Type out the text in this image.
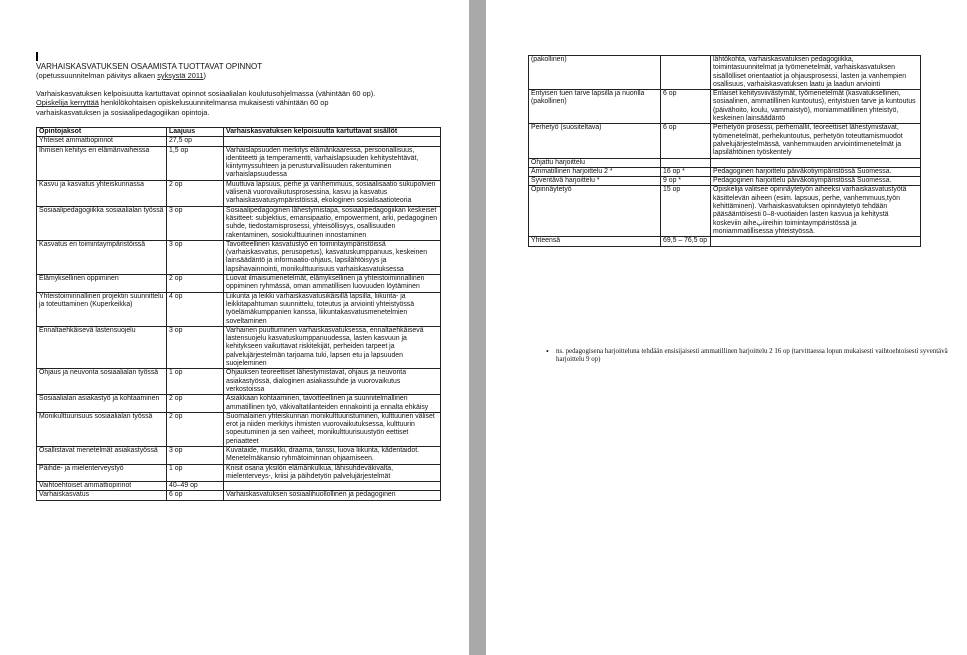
VARHAISKASVATUKSEN OSAAMISTA TUOTTAVAT OPINNOT
(opetussuunnitelman päivitys alkaen syksystä 2011)
Varhaiskasvatuksen kelpoisuutta kartuttavat opinnot sosiaalialan koulutusohjelmassa (vähintään 60 op).
Opiskelija kerryttää henkilökohtaisen opiskelusuunnitelmansa mukaisesti vähintään 60 op
varhaiskasvatuksen ja sosiaalipedagogiikan opintoja.
Opintojaksot	Laajuus	Varhaiskasvatuksen kelpoisuutta kartuttavat sisällöt
Yhteiset ammattiopinnot	27,5 op	
Ihmisen kehitys eri elämänvaiheissa	1,5 op	Varhaislapsuuden merkitys elämänkaaressa, persoonallisuus, identiteetti ja temperamentti, varhaislapsuuden kehitystehtävät, kiintymyssuhteen ja perusturvallisuuden rakentuminen varhaislapsuudessa
Kasvu ja kasvatus yhteiskunnassa	2 op	Muuttuva lapsuus, perhe ja vanhemmuus, sosiaalisaatio sukupolvien välisenä vuorovaikutusprosessina, kasvu ja kasvatus varhaiskasvatusympäristöissä, ekologinen sosialisaatioteoria
Sosiaalipedagogiikka sosiaalialan työssä	3 op	Sosiaalipedagoginen lähestymistapa, sosiaalipedagogiikan keskeiset käsitteet: subjektius, emansipaatio, empowerment, arki, pedagoginen suhde, tiedostamisprosessi, yhteisöllisyys, osallisuuden rakentaminen, sosiokulttuurinen innostaminen
Kasvatus eri toimintaympäristöissä	3 op	Tavoitteellinen kasvatustyö eri toimintaympäristöissä (varhaiskasvatus, perusopetus), kasvatuskumppanuus, keskeinen lainsäädäntö ja informaatio-ohjaus, lapsilähtöisyys ja lapsihavainnointi, monikulttuurisuus varhaiskasvatuksessa
Elämyksellinen oppiminen	2 op	Luovat ilmaisumenetelmät, elämyksellinen ja yhteistoiminnallinen oppiminen ryhmässä, oman ammatillisen luovuuden löytäminen
Yhteistoiminnallinen projektin suunnittelu ja toteuttaminen (Kuperkeikka)	4 op	Liikunta ja leikki varhaiskasvatusikäisillä lapsilla, liikunta- ja leikkitapahtuman suunnittelu, toteutus ja arviointi yhteistyössä työelämäkumppanien kanssa, liikuntakasvatusmenetelmien soveltaminen
Ennaltaehkäisevä lastensuojelu	3 op	Varhainen puuttuminen varhaiskasvatuksessa, ennaltaehkäisevä lastensuojelu kasvatuskumppanuudessa, lasten kasvuun ja kehitykseen vaikuttavat riskitekijät, perheiden tarpeet ja palvelujärjestelmän tarjoama tuki, lapsen etu ja lapsuuden suojeleminen
Ohjaus ja neuvonta sosiaalialan työssä	1 op	Ohjauksen teoreettiset lähestymistavat, ohjaus ja neuvonta asiakastyössä, dialoginen asiakassuhde ja vuorovaikutus verkostoissa
Sosiaalialan asiakastyö ja kohtaaminen	2 op	Asiakkaan kohtaaminen, tavoitteellinen ja suunnitelmallinen ammatillinen työ, väkivaltatilanteiden ennakointi ja ennalta ehkäisy
Monikulttuurisuus sosiaalialan työssä	2 op	Suomalainen yhteiskunnan monikulttuuristuminen, kulttuurien väliset erot ja niiden merkitys ihmisten vuorovaikutuksessa, kulttuurin sopeutuminen ja sen vaiheet, monikulttuurisuustyön eettiset periaatteet
Osallistavat menetelmät asiakastyössä	3 op	Kuvataide, musiikki, draama, tanssi, luova liikunta, kädentaidot. Menetelmäkansio ryhmätoiminnan ohjaamiseen.
Päihde- ja mielenterveystyö	1 op	Kriisit osana yksilön elämänkulkua, lähisuhdeväkivalta, mielenterveys-, kriisi ja päihdetyön palvelujärjestelmät
Vaihtoehtoiset ammattiopinnot	40–49 op	
Varhaiskasvatus	6 op	Varhaiskasvatuksen sosiaalihuollollinen ja pedagoginen
(pakollinen)		lähtökohta, varhaiskasvatuksen pedagogiikka, toimintasuunnitelmat ja työmenetelmät, varhaiskasvatuksen sisällölliset orientaatiot ja ohjausprosessi, lasten ja vanhempien osallisuus, varhaiskasvatuksen laatu ja laadun arviointi
Erityisen tuen tarve lapsilla ja nuorilla (pakollinen)	6 op	Erilaiset kehitysviivästymät, työmenetelmät (kasvatuksellinen, sosiaalinen, ammatillinen kuntoutus), erityistuen tarve ja kuntoutus (päivähoito, koulu, vammaistyö), moniammatillinen yhteistyö, keskeinen lainsäädäntö
Perhetyö (suositeltava)	6 op	Perhetyön prosessi, perhemallit, teoreettiset lähestymistavat, työmenetelmät, perhekuntoutus, perhetyön toteuttamismuodot palvelujärjestelmässä, vanhemmuuden arviointimenetelmät ja lapsilähtöinen työskentely
Ohjattu harjoittelu		
Ammatillinen harjoittelu 2 *	16 op *	Pedagoginen harjoittelu päiväkotiympäristössä Suomessa.
Syventävä harjoittelu *	9 op *	Pedagoginen harjoittelu päiväkotiympäristössä Suomessa.
Opinnäytetyö	15 op	Opiskelija valitsee opinnäytetyön aiheeksi varhaiskasvatustyötä käsittelevän aiheen (esim. lapsuus, perhe, vanhemmuus,työn kehittäminen). Varhaiskasvatuksen opinnäytetyö tehdään pääsääntöisesti 0–8-vuotiaiden lasten kasvua ja kehitystä koskeviin aiheپiireihin toimintaympäristössä ja moniammatillisessa yhteistyössä.
Yhteensä	69,5 – 76,5 op	
• ns. pedagogisena harjoitteluna tehdään ensisijaisesti ammatillinen harjoittelu 2 16 op (tarvittaessa lopun mukaisesti vaihtoehtoisesti syventävä harjoittelu 9 op)
